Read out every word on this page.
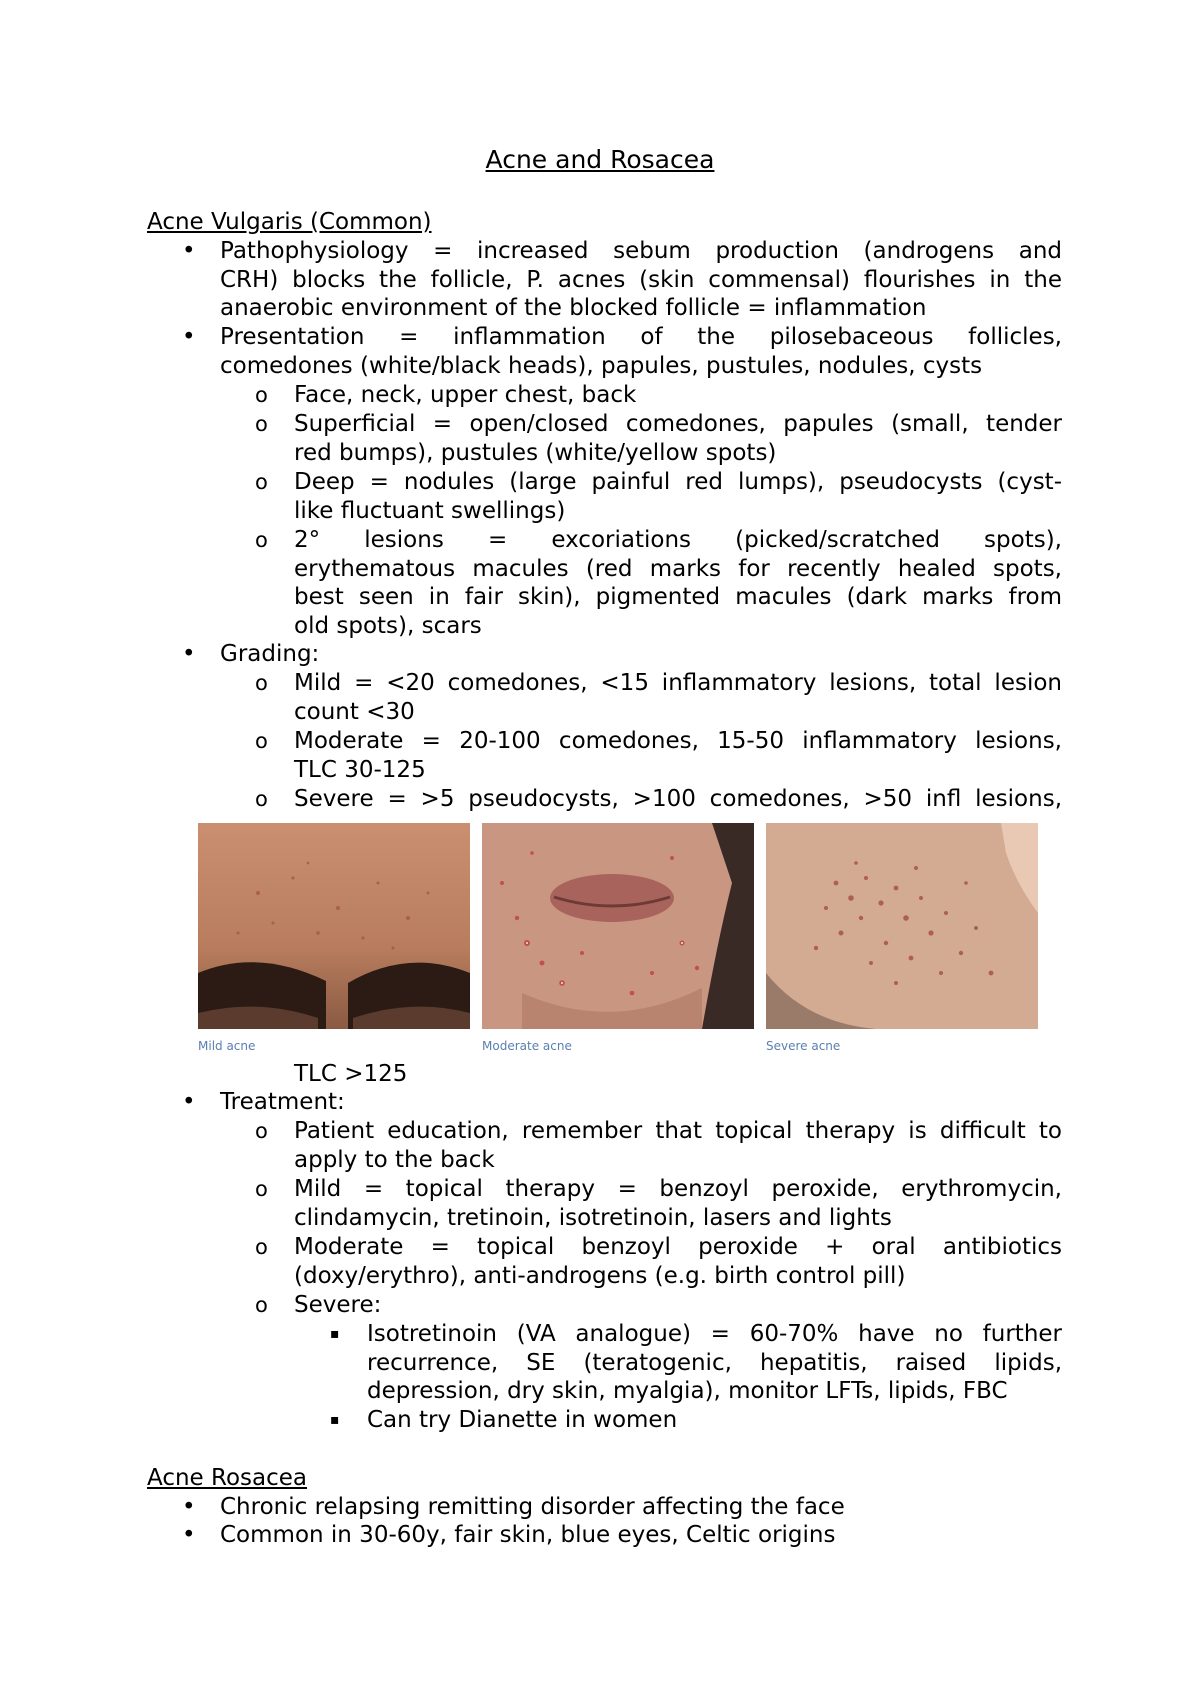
Acne and Rosacea
Acne Vulgaris (Common)
• Pathophysiology = increased sebum production (androgens and
CRH) blocks the follicle, P. acnes (skin commensal) flourishes in the
anaerobic environment of the blocked follicle = inflammation
• Presentation = inflammation of the pilosebaceous follicles,
comedones (white/black heads), papules, pustules, nodules, cysts
o Face, neck, upper chest, back
o Superficial = open/closed comedones, papules (small, tender
red bumps), pustules (white/yellow spots)
o Deep = nodules (large painful red lumps), pseudocysts (cyst-
like fluctuant swellings)
o 2° lesions = excoriations (picked/scratched spots),
erythematous macules (red marks for recently healed spots,
best seen in fair skin), pigmented macules (dark marks from
old spots), scars
• Grading:
o Mild = <20 comedones, <15 inflammatory lesions, total lesion
count <30
o Moderate = 20-100 comedones, 15-50 inflammatory lesions,
TLC 30-125
o Severe = >5 pseudocysts, >100 comedones, >50 infl lesions,
Mild acne	Moderate acne	Severe acne
TLC >125
• Treatment:
o Patient education, remember that topical therapy is difficult to
apply to the back
o Mild = topical therapy = benzoyl peroxide, erythromycin,
clindamycin, tretinoin, isotretinoin, lasers and lights
o Moderate = topical benzoyl peroxide + oral antibiotics
(doxy/erythro), anti-androgens (e.g. birth control pill)
o Severe:
▪ Isotretinoin (VA analogue) = 60-70% have no further
recurrence, SE (teratogenic, hepatitis, raised lipids,
depression, dry skin, myalgia), monitor LFTs, lipids, FBC
▪ Can try Dianette in women
Acne Rosacea
• Chronic relapsing remitting disorder affecting the face
• Common in 30-60y, fair skin, blue eyes, Celtic origins
